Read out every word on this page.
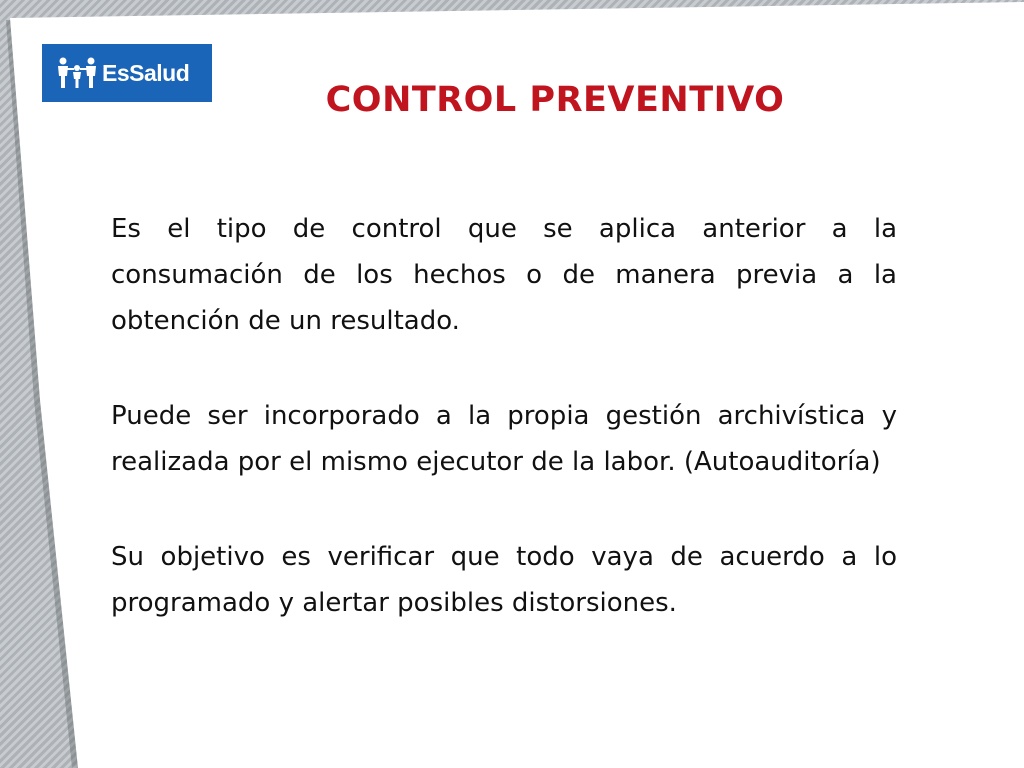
EsSalud
CONTROL PREVENTIVO

Es el tipo de control que se aplica anterior a la consumación de los hechos o de manera previa a la obtención de un resultado.

Puede ser incorporado a la propia gestión archivística y realizada por el mismo ejecutor de la labor. (Autoauditoría)

Su objetivo es verificar que todo vaya de acuerdo a lo programado y alertar posibles distorsiones.
